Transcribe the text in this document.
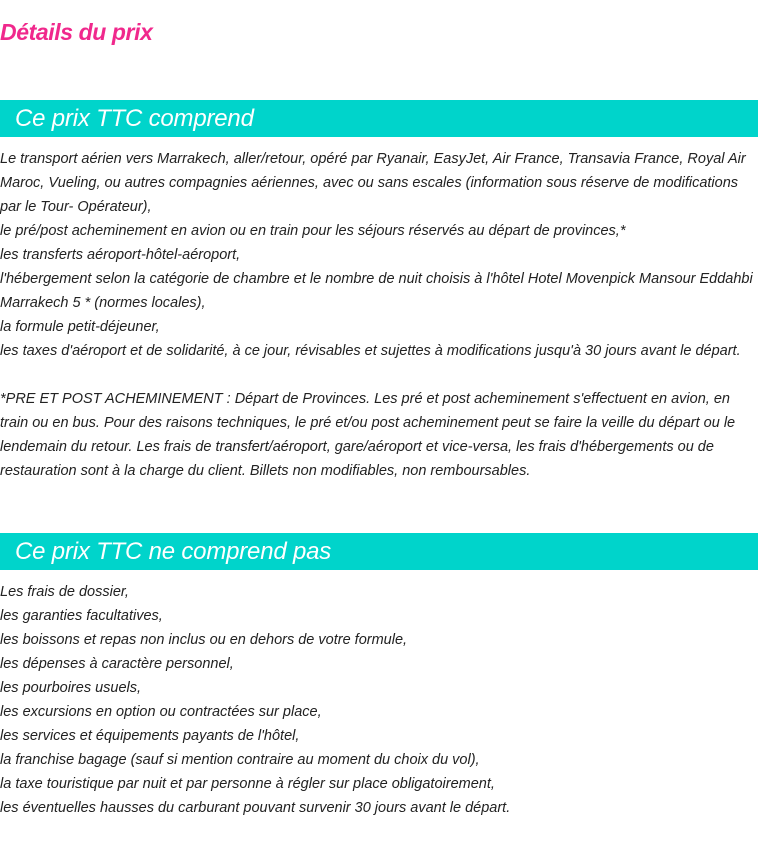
Détails du prix
Ce prix TTC comprend

Le transport aérien vers Marrakech, aller/retour, opéré par Ryanair, EasyJet, Air France, Transavia France, Royal Air Maroc, Vueling, ou autres compagnies aériennes, avec ou sans escales (information sous réserve de modifications par le Tour- Opérateur),

le pré/post acheminement en avion ou en train pour les séjours réservés au départ de provinces,*

les transferts aéroport-hôtel-aéroport,

l'hébergement selon la catégorie de chambre et le nombre de nuit choisis à l'hôtel Hotel Movenpick Mansour Eddahbi Marrakech 5 * (normes locales),

la formule petit-déjeuner,

les taxes d'aéroport et de solidarité, à ce jour, révisables et sujettes à modifications jusqu'à 30 jours avant le départ.

*PRE ET POST ACHEMINEMENT : Départ de Provinces. Les pré et post acheminement s'effectuent en avion, en train ou en bus. Pour des raisons techniques, le pré et/ou post acheminement peut se faire la veille du départ ou le lendemain du retour. Les frais de transfert/aéroport, gare/aéroport et vice-versa, les frais d'hébergements ou de restauration sont à la charge du client. Billets non modifiables, non remboursables.

Ce prix TTC ne comprend pas

Les frais de dossier,

les garanties facultatives,

les boissons et repas non inclus ou en dehors de votre formule,

les dépenses à caractère personnel,

les pourboires usuels,

les excursions en option ou contractées sur place,

les services et équipements payants de l'hôtel,

la franchise bagage (sauf si mention contraire au moment du choix du vol),

la taxe touristique par nuit et par personne à régler sur place obligatoirement,

les éventuelles hausses du carburant pouvant survenir 30 jours avant le départ.
